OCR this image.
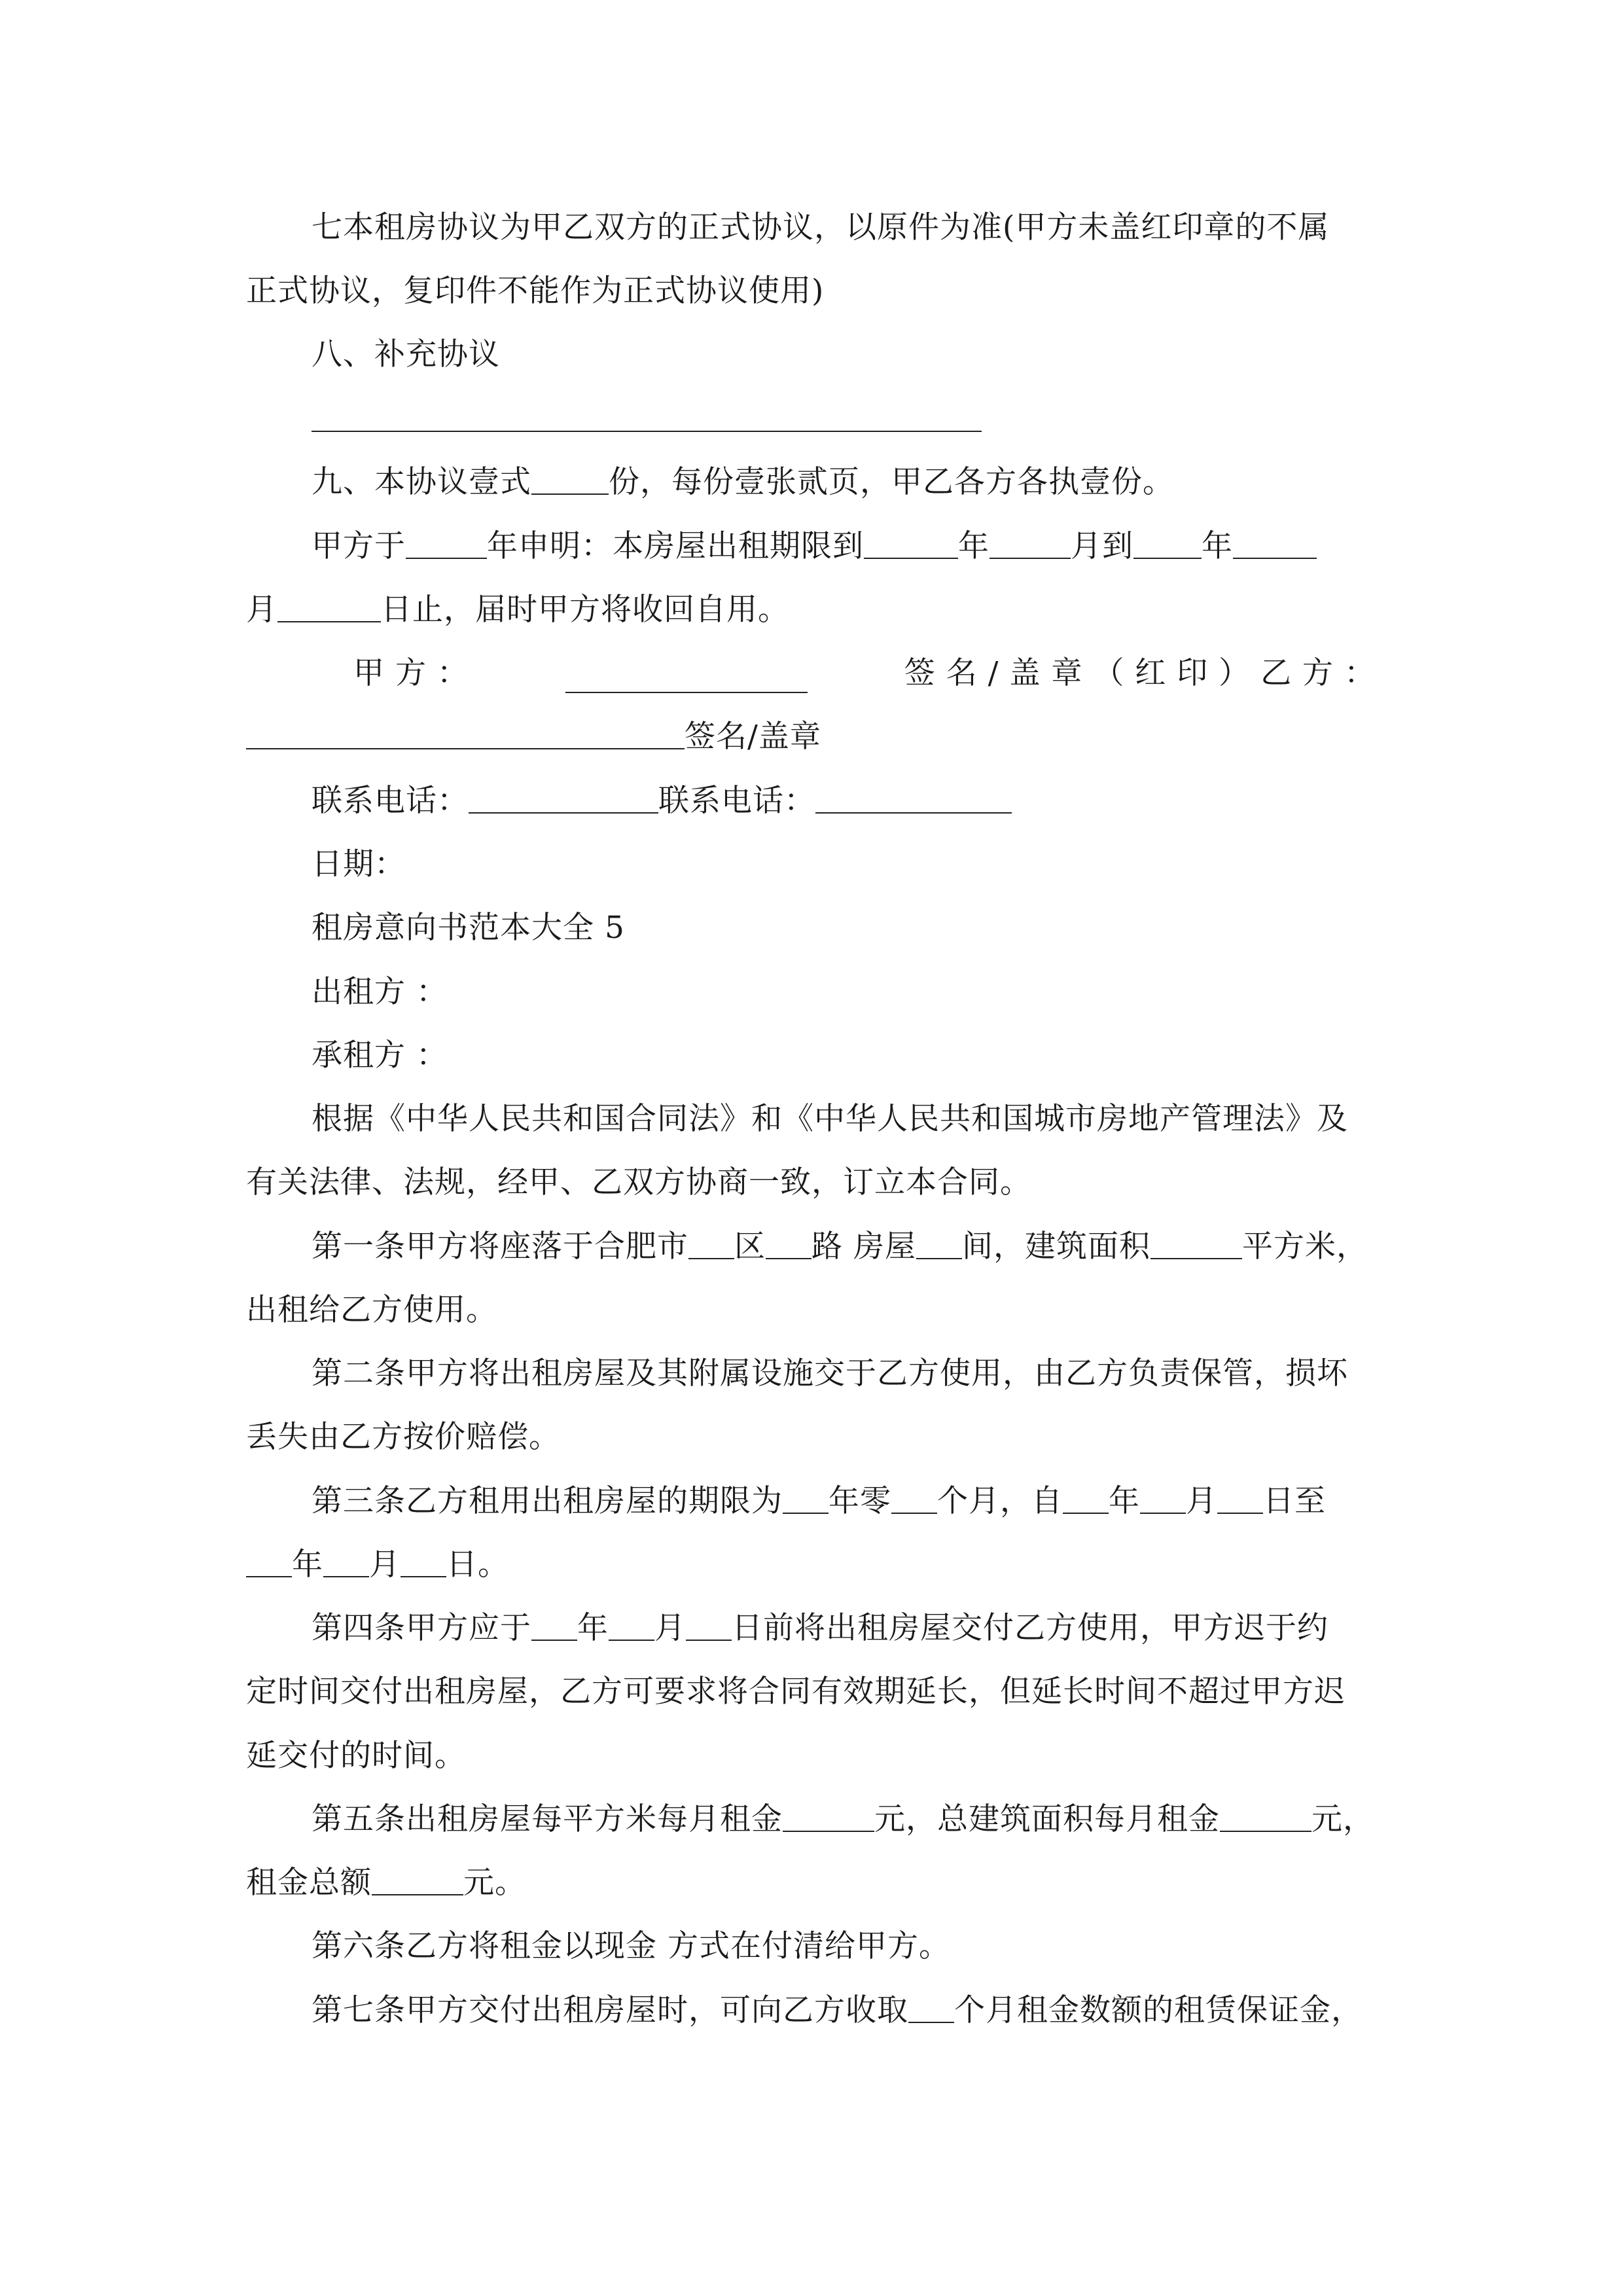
七本租房协议为甲乙双方的正式协议，以原件为准(甲方未盖红印章的不属
正式协议，复印件不能作为正式协议使用)
八、补充协议
九、本协议壹式	份，每份壹张贰页，甲乙各方各执壹份。
甲方于	年申明：本房屋出租期限到	年	月到 年
月	日止，届时甲方将收回自用。
甲 方 ：	签 名 / 盖 章 （ 红 印 ） 乙 方 ：
签名/盖章
联系电话：	联系电话：
日期：
租房意向书范本大全 5
出租方 ：
承租方 ：
根据《中华人民共和国合同法》和《中华人民共和国城市房地产管理法》及
有关法律、法规，经甲、乙双方协商一致，订立本合同。
第一条甲方将座落于合肥市 区 路 房屋 间，建筑面积	平方米，
出租给乙方使用。
第二条甲方将出租房屋及其附属设施交于乙方使用，由乙方负责保管，损坏
丢失由乙方按价赔偿。
第三条乙方租用出租房屋的期限为 年零 个月，自 年 月 日至
年 月 日。
第四条甲方应于 年 月 日前将出租房屋交付乙方使用，甲方迟于约
定时间交付出租房屋，乙方可要求将合同有效期延长，但延长时间不超过甲方迟
延交付的时间。
第五条出租房屋每平方米每月租金	元，总建筑面积每月租金	元，
租金总额	元。
第六条乙方将租金以现金 方式在付清给甲方。
第七条甲方交付出租房屋时，可向乙方收取 个月租金数额的租赁保证金，
